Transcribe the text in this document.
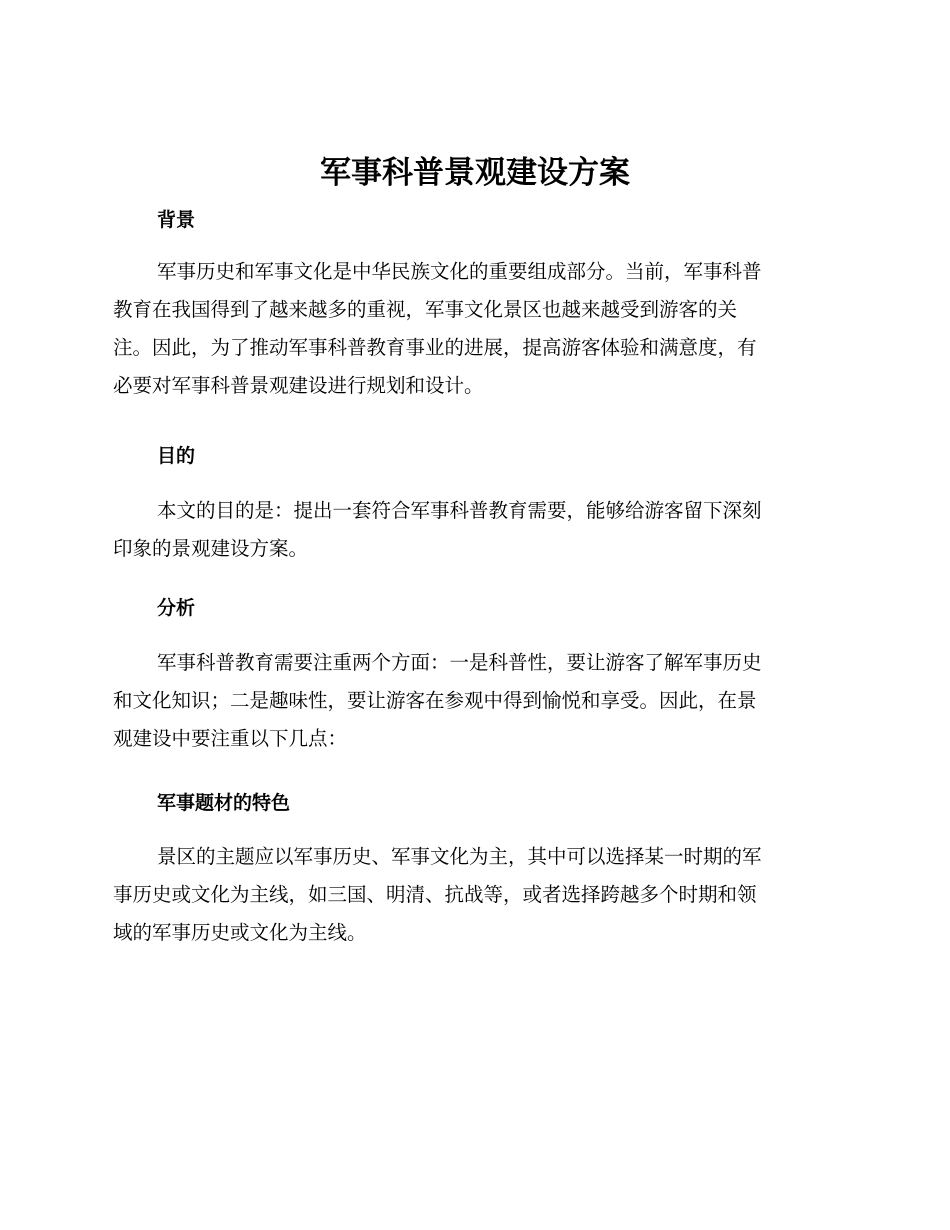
军事科普景观建设方案
背景
军事历史和军事文化是中华民族文化的重要组成部分。当前，军事科普
教育在我国得到了越来越多的重视，军事文化景区也越来越受到游客的关
注。因此，为了推动军事科普教育事业的进展，提高游客体验和满意度，有
必要对军事科普景观建设进行规划和设计。
目的
本文的目的是：提出一套符合军事科普教育需要，能够给游客留下深刻
印象的景观建设方案。
分析
军事科普教育需要注重两个方面：一是科普性，要让游客了解军事历史
和文化知识；二是趣味性，要让游客在参观中得到愉悦和享受。因此，在景
观建设中要注重以下几点：
军事题材的特色
景区的主题应以军事历史、军事文化为主，其中可以选择某一时期的军
事历史或文化为主线，如三国、明清、抗战等，或者选择跨越多个时期和领
域的军事历史或文化为主线。
